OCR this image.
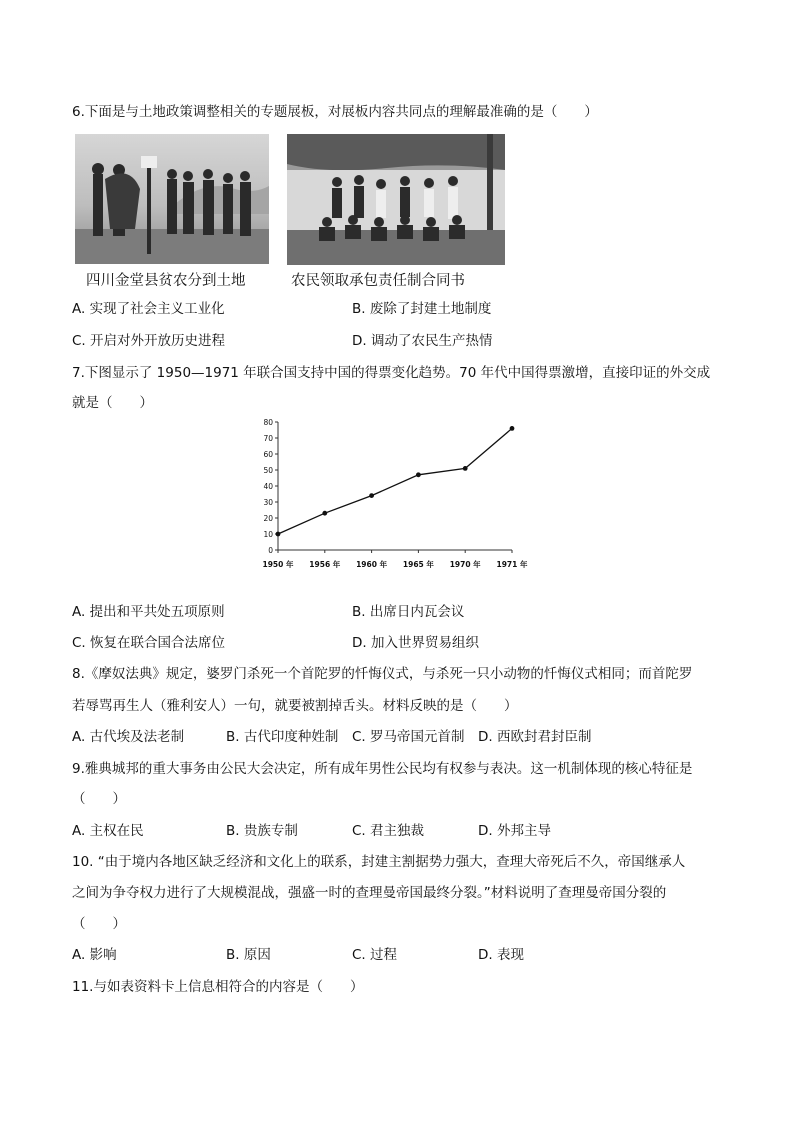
6.下面是与土地政策调整相关的专题展板，对展板内容共同点的理解最准确的是（　　）
四川金堂县贫农分到土地	农民领取承包责任制合同书
A. 实现了社会主义工业化	B. 废除了封建土地制度
C. 开启对外开放历史进程	D. 调动了农民生产热情
7.下图显示了 1950—1971 年联合国支持中国的得票变化趋势。70 年代中国得票激增，直接印证的外交成
就是（　　）
0
10
20
30
40
50
60
70
80
1950 年 1956 年 1960 年 1965 年 1970 年 1971 年
A. 提出和平共处五项原则	B. 出席日内瓦会议
C. 恢复在联合国合法席位	D. 加入世界贸易组织
8.《摩奴法典》规定，婆罗门杀死一个首陀罗的忏悔仪式，与杀死一只小动物的忏悔仪式相同；而首陀罗
若辱骂再生人（雅利安人）一句，就要被割掉舌头。材料反映的是（　　）
A. 古代埃及法老制	B. 古代印度种姓制 C. 罗马帝国元首制 D. 西欧封君封臣制
9.雅典城邦的重大事务由公民大会决定，所有成年男性公民均有权参与表决。这一机制体现的核心特征是
（　　）
A. 主权在民	B. 贵族专制	C. 君主独裁	D. 外邦主导
10. “由于境内各地区缺乏经济和文化上的联系，封建主割据势力强大，查理大帝死后不久，帝国继承人
之间为争夺权力进行了大规模混战，强盛一时的查理曼帝国最终分裂。”材料说明了查理曼帝国分裂的
（　　）
A. 影响	B. 原因	C. 过程	D. 表现
11.与如表资料卡上信息相符合的内容是（　　）
